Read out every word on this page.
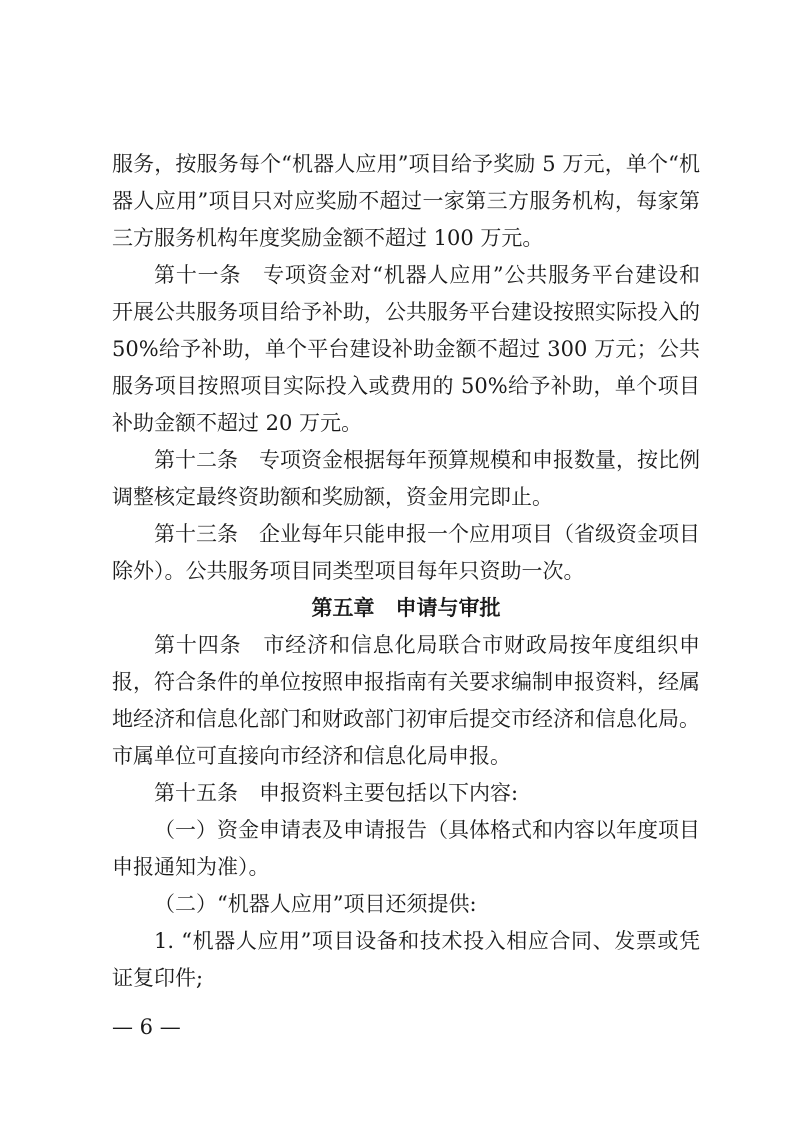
服务，按服务每个“机器人应用”项目给予奖励 5 万元，单个“机器人应用”项目只对应奖励不超过一家第三方服务机构，每家第三方服务机构年度奖励金额不超过 100 万元。

第十一条　专项资金对“机器人应用”公共服务平台建设和开展公共服务项目给予补助，公共服务平台建设按照实际投入的 50%给予补助，单个平台建设补助金额不超过 300 万元；公共服务项目按照项目实际投入或费用的 50%给予补助，单个项目补助金额不超过 20 万元。

第十二条　专项资金根据每年预算规模和申报数量，按比例调整核定最终资助额和奖励额，资金用完即止。

第十三条　企业每年只能申报一个应用项目（省级资金项目除外）。公共服务项目同类型项目每年只资助一次。

第五章　申请与审批

第十四条　市经济和信息化局联合市财政局按年度组织申报，符合条件的单位按照申报指南有关要求编制申报资料，经属地经济和信息化部门和财政部门初审后提交市经济和信息化局。市属单位可直接向市经济和信息化局申报。

第十五条　申报资料主要包括以下内容:

（一）资金申请表及申请报告（具体格式和内容以年度项目申报通知为准）。

（二）“机器人应用”项目还须提供:

1. “机器人应用”项目设备和技术投入相应合同、发票或凭证复印件;

— 6 —
